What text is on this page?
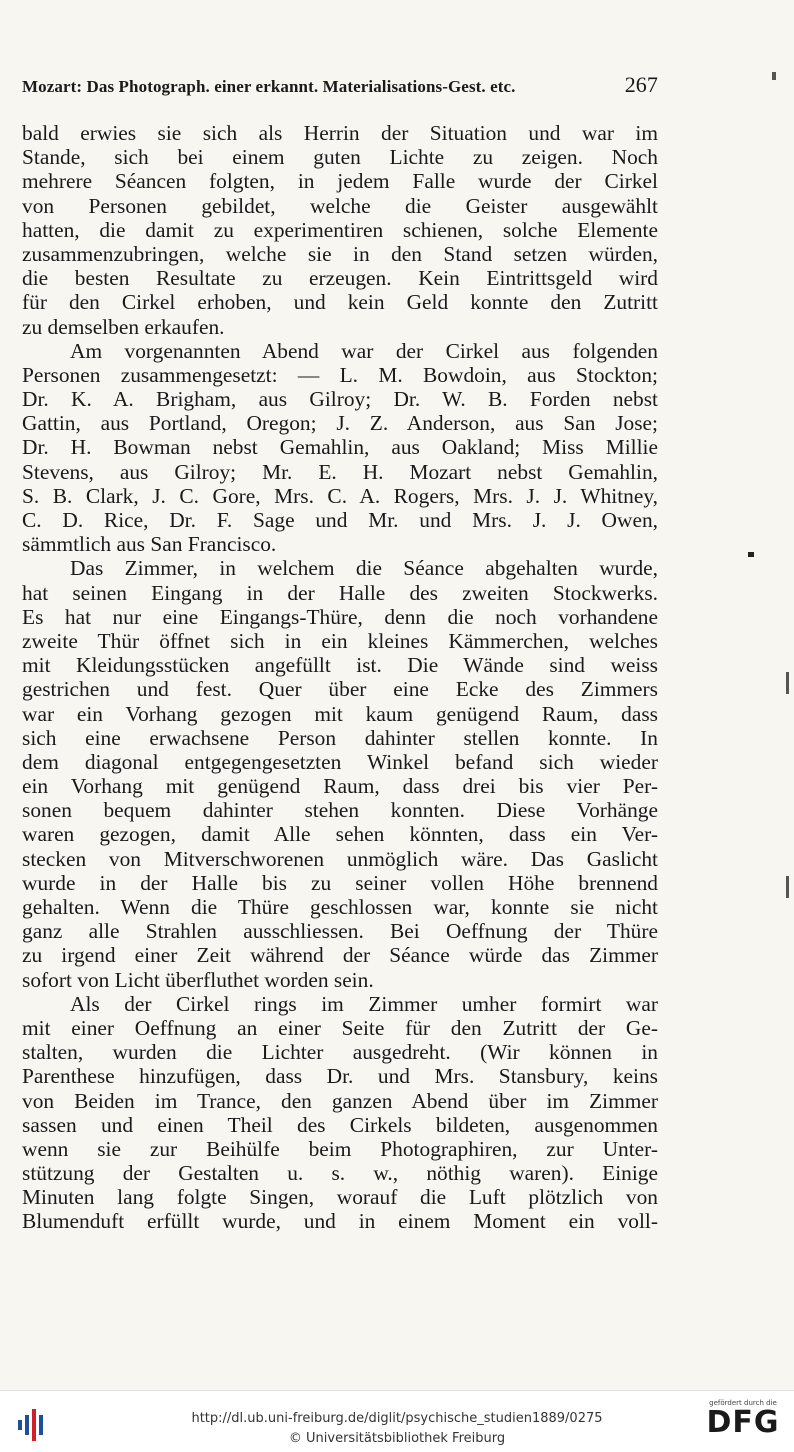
Mozart: Das Photograph. einer erkannt. Materialisations-Gest. etc.	267
bald erwies sie sich als Herrin der Situation und war im
Stande, sich bei einem guten Lichte zu zeigen. Noch
mehrere Séancen folgten, in jedem Falle wurde der Cirkel
von Personen gebildet, welche die Geister ausgewählt
hatten, die damit zu experimentiren schienen, solche Elemente
zusammenzubringen, welche sie in den Stand setzen würden,
die besten Resultate zu erzeugen. Kein Eintrittsgeld wird
für den Cirkel erhoben, und kein Geld konnte den Zutritt
zu demselben erkaufen.
Am vorgenannten Abend war der Cirkel aus folgenden
Personen zusammengesetzt: — L. M. Bowdoin, aus Stockton;
Dr. K. A. Brigham, aus Gilroy; Dr. W. B. Forden nebst
Gattin, aus Portland, Oregon; J. Z. Anderson, aus San Jose;
Dr. H. Bowman nebst Gemahlin, aus Oakland; Miss Millie
Stevens, aus Gilroy; Mr. E. H. Mozart nebst Gemahlin,
S. B. Clark, J. C. Gore, Mrs. C. A. Rogers, Mrs. J. J. Whitney,
C. D. Rice, Dr. F. Sage und Mr. und Mrs. J. J. Owen,
sämmtlich aus San Francisco.
Das Zimmer, in welchem die Séance abgehalten wurde,
hat seinen Eingang in der Halle des zweiten Stockwerks.
Es hat nur eine Eingangs-Thüre, denn die noch vorhandene
zweite Thür öffnet sich in ein kleines Kämmerchen, welches
mit Kleidungsstücken angefüllt ist. Die Wände sind weiss
gestrichen und fest. Quer über eine Ecke des Zimmers
war ein Vorhang gezogen mit kaum genügend Raum, dass
sich eine erwachsene Person dahinter stellen konnte. In
dem diagonal entgegengesetzten Winkel befand sich wieder
ein Vorhang mit genügend Raum, dass drei bis vier Per-
sonen bequem dahinter stehen konnten. Diese Vorhänge
waren gezogen, damit Alle sehen könnten, dass ein Ver-
stecken von Mitverschworenen unmöglich wäre. Das Gaslicht
wurde in der Halle bis zu seiner vollen Höhe brennend
gehalten. Wenn die Thüre geschlossen war, konnte sie nicht
ganz alle Strahlen ausschliessen. Bei Oeffnung der Thüre
zu irgend einer Zeit während der Séance würde das Zimmer
sofort von Licht überfluthet worden sein.
Als der Cirkel rings im Zimmer umher formirt war
mit einer Oeffnung an einer Seite für den Zutritt der Ge-
stalten, wurden die Lichter ausgedreht. (Wir können in
Parenthese hinzufügen, dass Dr. und Mrs. Stansbury, keins
von Beiden im Trance, den ganzen Abend über im Zimmer
sassen und einen Theil des Cirkels bildeten, ausgenommen
wenn sie zur Beihülfe beim Photographiren, zur Unter-
stützung der Gestalten u. s. w., nöthig waren). Einige
Minuten lang folgte Singen, worauf die Luft plötzlich von
Blumenduft erfüllt wurde, und in einem Moment ein voll-
http://dl.ub.uni-freiburg.de/diglit/psychische_studien1889/0275
© Universitätsbibliothek Freiburg
gefördert durch die
DFG
